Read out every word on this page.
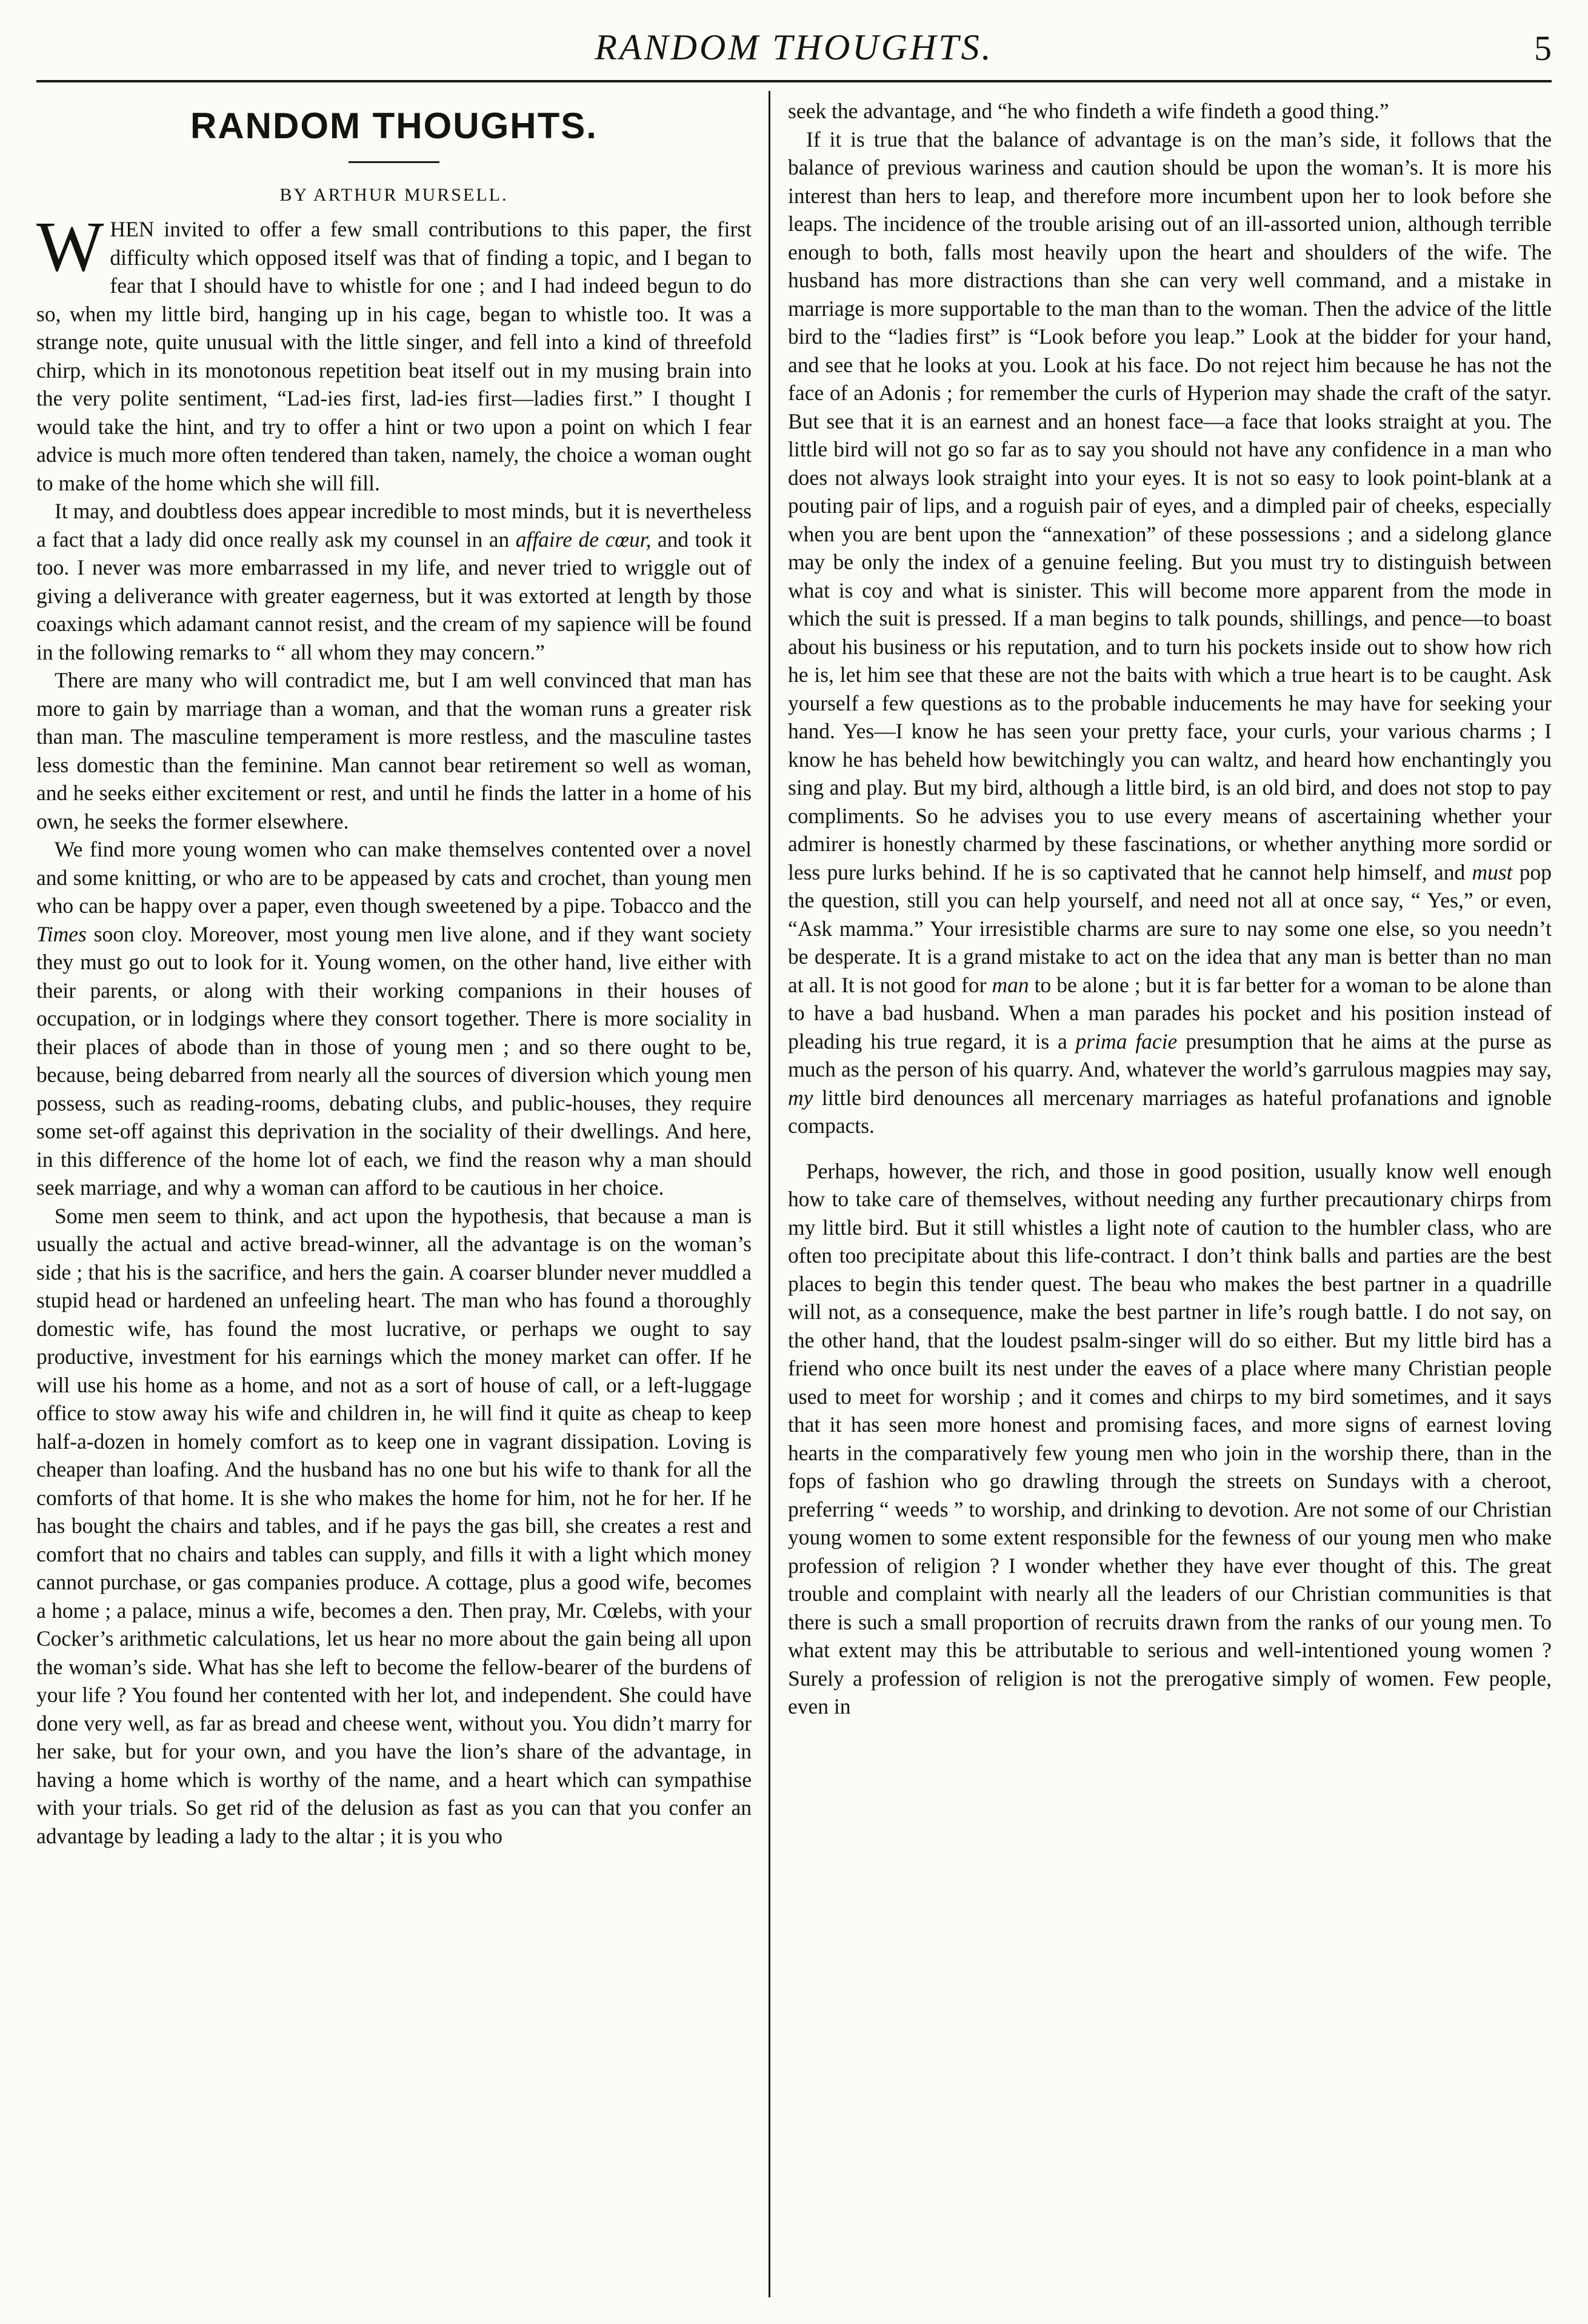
RANDOM THOUGHTS.	5
RANDOM THOUGHTS.
BY ARTHUR MURSELL.

WHEN invited to offer a few small contributions to this paper, the first difficulty which opposed itself was that of finding a topic, and I began to fear that I should have to whistle for one ; and I had indeed begun to do so, when my little bird, hanging up in his cage, began to whistle too. It was a strange note, quite unusual with the little singer, and fell into a kind of threefold chirp, which in its monotonous repetition beat itself out in my musing brain into the very polite sentiment, “Lad-ies first, lad-ies first—ladies first.” I thought I would take the hint, and try to offer a hint or two upon a point on which I fear advice is much more often tendered than taken, namely, the choice a woman ought to make of the home which she will fill.

It may, and doubtless does appear incredible to most minds, but it is nevertheless a fact that a lady did once really ask my counsel in an affaire de cœur, and took it too. I never was more embarrassed in my life, and never tried to wriggle out of giving a deliverance with greater eagerness, but it was extorted at length by those coaxings which adamant cannot resist, and the cream of my sapience will be found in the following remarks to “ all whom they may concern.”

There are many who will contradict me, but I am well convinced that man has more to gain by marriage than a woman, and that the woman runs a greater risk than man. The masculine temperament is more restless, and the masculine tastes less domestic than the feminine. Man cannot bear retirement so well as woman, and he seeks either excitement or rest, and until he finds the latter in a home of his own, he seeks the former elsewhere.

We find more young women who can make themselves contented over a novel and some knitting, or who are to be appeased by cats and crochet, than young men who can be happy over a paper, even though sweetened by a pipe. Tobacco and the Times soon cloy. Moreover, most young men live alone, and if they want society they must go out to look for it. Young women, on the other hand, live either with their parents, or along with their working companions in their houses of occupation, or in lodgings where they consort together. There is more sociality in their places of abode than in those of young men ; and so there ought to be, because, being debarred from nearly all the sources of diversion which young men possess, such as reading-rooms, debating clubs, and public-houses, they require some set-off against this deprivation in the sociality of their dwellings. And here, in this difference of the home lot of each, we find the reason why a man should seek marriage, and why a woman can afford to be cautious in her choice.

Some men seem to think, and act upon the hypothesis, that because a man is usually the actual and active bread-winner, all the advantage is on the woman’s side ; that his is the sacrifice, and hers the gain. A coarser blunder never muddled a stupid head or hardened an unfeeling heart. The man who has found a thoroughly domestic wife, has found the most lucrative, or perhaps we ought to say productive, investment for his earnings which the money market can offer. If he will use his home as a home, and not as a sort of house of call, or a left-luggage office to stow away his wife and children in, he will find it quite as cheap to keep half-a-dozen in homely comfort as to keep one in vagrant dissipation. Loving is cheaper than loafing. And the husband has no one but his wife to thank for all the comforts of that home. It is she who makes the home for him, not he for her. If he has bought the chairs and tables, and if he pays the gas bill, she creates a rest and comfort that no chairs and tables can supply, and fills it with a light which money cannot purchase, or gas companies produce. A cottage, plus a good wife, becomes a home ; a palace, minus a wife, becomes a den. Then pray, Mr. Cœlebs, with your Cocker’s arithmetic calculations, let us hear no more about the gain being all upon the woman’s side. What has she left to become the fellow-bearer of the burdens of your life ? You found her contented with her lot, and independent. She could have done very well, as far as bread and cheese went, without you. You didn’t marry for her sake, but for your own, and you have the lion’s share of the advantage, in having a home which is worthy of the name, and a heart which can sympathise with your trials. So get rid of the delusion as fast as you can that you confer an advantage by leading a lady to the altar ; it is you who

seek the advantage, and “he who findeth a wife findeth a good thing.”

If it is true that the balance of advantage is on the man’s side, it follows that the balance of previous wariness and caution should be upon the woman’s. It is more his interest than hers to leap, and therefore more incumbent upon her to look before she leaps. The incidence of the trouble arising out of an ill-assorted union, although terrible enough to both, falls most heavily upon the heart and shoulders of the wife. The husband has more distractions than she can very well command, and a mistake in marriage is more supportable to the man than to the woman. Then the advice of the little bird to the “ladies first” is “Look before you leap.” Look at the bidder for your hand, and see that he looks at you. Look at his face. Do not reject him because he has not the face of an Adonis ; for remember the curls of Hyperion may shade the craft of the satyr. But see that it is an earnest and an honest face—a face that looks straight at you. The little bird will not go so far as to say you should not have any confidence in a man who does not always look straight into your eyes. It is not so easy to look point-blank at a pouting pair of lips, and a roguish pair of eyes, and a dimpled pair of cheeks, especially when you are bent upon the “annexation” of these possessions ; and a sidelong glance may be only the index of a genuine feeling. But you must try to distinguish between what is coy and what is sinister. This will become more apparent from the mode in which the suit is pressed. If a man begins to talk pounds, shillings, and pence—to boast about his business or his reputation, and to turn his pockets inside out to show how rich he is, let him see that these are not the baits with which a true heart is to be caught. Ask yourself a few questions as to the probable inducements he may have for seeking your hand. Yes—I know he has seen your pretty face, your curls, your various charms ; I know he has beheld how bewitchingly you can waltz, and heard how enchantingly you sing and play. But my bird, although a little bird, is an old bird, and does not stop to pay compliments. So he advises you to use every means of ascertaining whether your admirer is honestly charmed by these fascinations, or whether anything more sordid or less pure lurks behind. If he is so captivated that he cannot help himself, and must pop the question, still you can help yourself, and need not all at once say, “ Yes,” or even, “Ask mamma.” Your irresistible charms are sure to nay some one else, so you needn’t be desperate. It is a grand mistake to act on the idea that any man is better than no man at all. It is not good for man to be alone ; but it is far better for a woman to be alone than to have a bad husband. When a man parades his pocket and his position instead of pleading his true regard, it is a prima facie presumption that he aims at the purse as much as the person of his quarry. And, whatever the world’s garrulous magpies may say, my little bird denounces all mercenary marriages as hateful profanations and ignoble compacts.

Perhaps, however, the rich, and those in good position, usually know well enough how to take care of themselves, without needing any further precautionary chirps from my little bird. But it still whistles a light note of caution to the humbler class, who are often too precipitate about this life-contract. I don’t think balls and parties are the best places to begin this tender quest. The beau who makes the best partner in a quadrille will not, as a consequence, make the best partner in life’s rough battle. I do not say, on the other hand, that the loudest psalm-singer will do so either. But my little bird has a friend who once built its nest under the eaves of a place where many Christian people used to meet for worship ; and it comes and chirps to my bird sometimes, and it says that it has seen more honest and promising faces, and more signs of earnest loving hearts in the comparatively few young men who join in the worship there, than in the fops of fashion who go drawling through the streets on Sundays with a cheroot, preferring “ weeds ” to worship, and drinking to devotion. Are not some of our Christian young women to some extent responsible for the fewness of our young men who make profession of religion ? I wonder whether they have ever thought of this. The great trouble and complaint with nearly all the leaders of our Christian communities is that there is such a small proportion of recruits drawn from the ranks of our young men. To what extent may this be attributable to serious and well-intentioned young women ? Surely a profession of religion is not the prerogative simply of women. Few people, even in
